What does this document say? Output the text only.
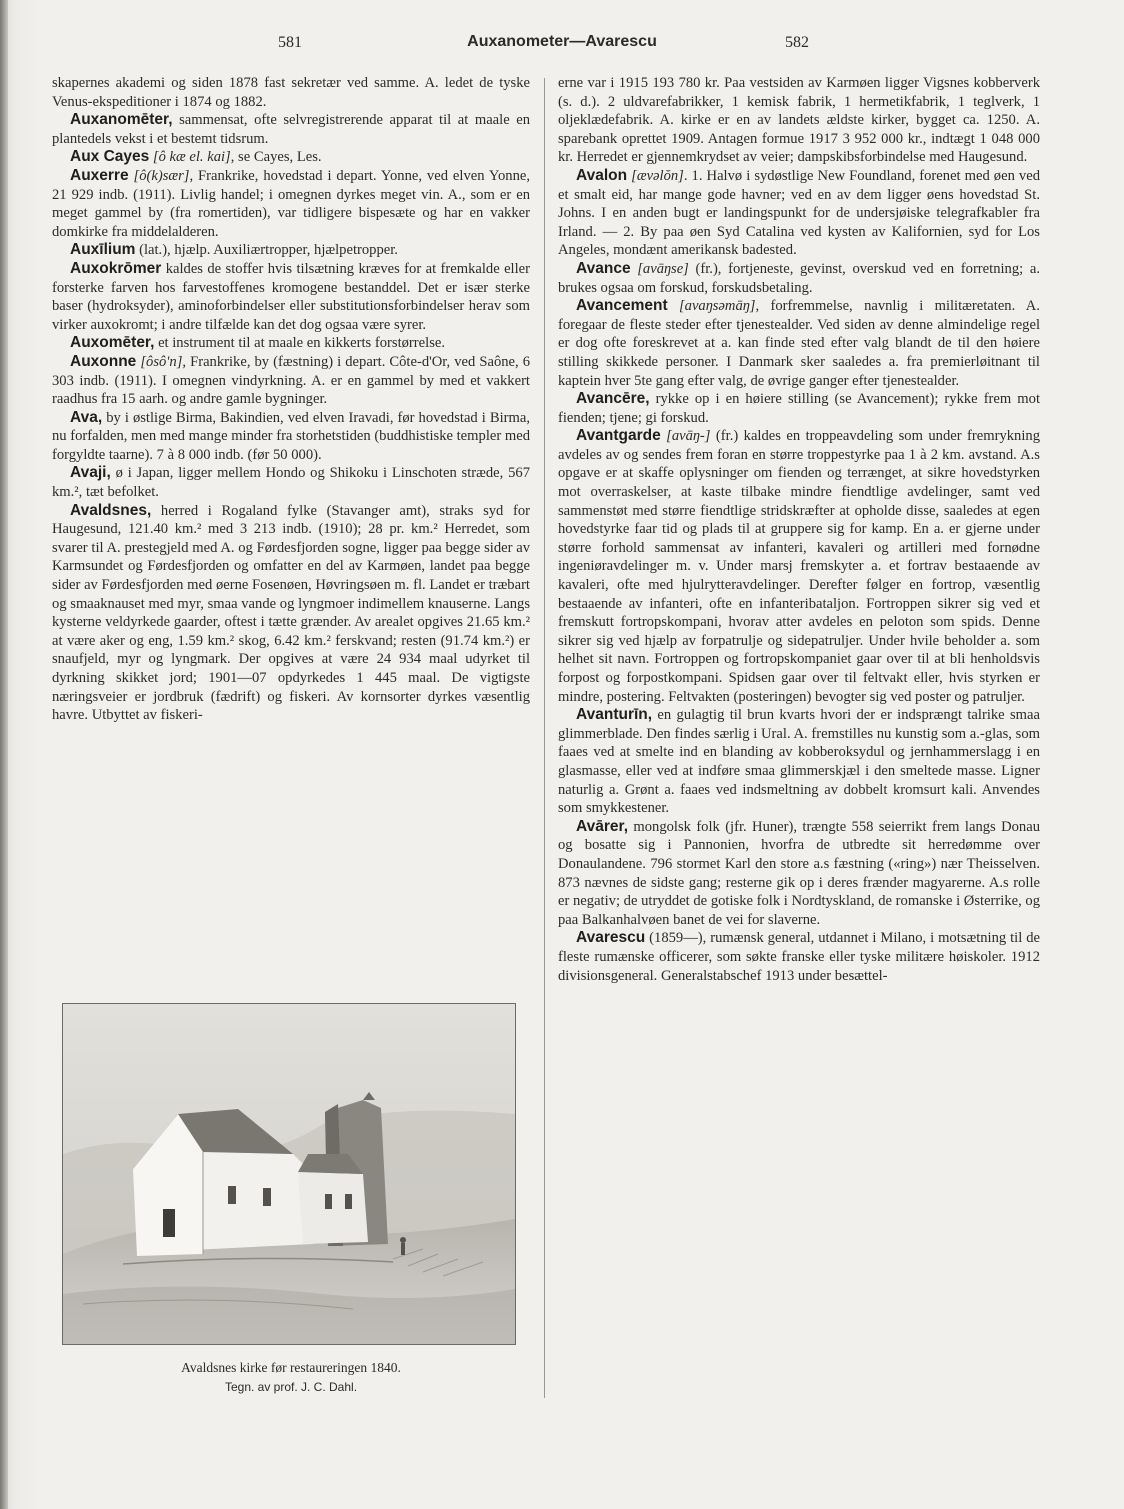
581	Auxanometer—Avarescu	582

skapernes akademi og siden 1878 fast sekretær ved samme. A. ledet de tyske Venus-ekspeditioner i 1874 og 1882.

Auxanomēter, sammensat, ofte selvregistrerende apparat til at maale en plantedels vekst i et bestemt tidsrum.

Aux Cayes [ô kæ el. kai], se Cayes, Les.

Auxerre [ô(k)sær], Frankrike, hovedstad i depart. Yonne, ved elven Yonne, 21 929 indb. (1911). Livlig handel; i omegnen dyrkes meget vin. A., som er en meget gammel by (fra romertiden), var tidligere bispesæte og har en vakker domkirke fra middelalderen.

Auxīlium (lat.), hjælp. Auxiliærtropper, hjælpetropper.

Auxokrōmer kaldes de stoffer hvis tilsætning kræves for at fremkalde eller forsterke farven hos farvestoffenes kromogene bestanddel. Det er især sterke baser (hydroksyder), aminoforbindelser eller substitutionsforbindelser herav som virker auxokromt; i andre tilfælde kan det dog ogsaa være syrer.

Auxomēter, et instrument til at maale en kikkerts forstørrelse.

Auxonne [ôsô'n], Frankrike, by (fæstning) i depart. Côte-d'Or, ved Saône, 6 303 indb. (1911). I omegnen vindyrkning. A. er en gammel by med et vakkert raadhus fra 15 aarh. og andre gamle bygninger.

Ava, by i østlige Birma, Bakindien, ved elven Iravadi, før hovedstad i Birma, nu forfalden, men med mange minder fra storhetstiden (buddhistiske templer med forgyldte taarne). 7 à 8 000 indb. (før 50 000).

Avaji, ø i Japan, ligger mellem Hondo og Shikoku i Linschoten stræde, 567 km.², tæt befolket.

Avaldsnes, herred i Rogaland fylke (Stavanger amt), straks syd for Haugesund, 121.40 km.² med 3 213 indb. (1910); 28 pr. km.² Herredet, som svarer til A. prestegjeld med A. og Førdesfjorden sogne, ligger paa begge sider av Karmsundet og Førdesfjorden og omfatter en del av Karmøen, landet paa begge sider av Førdesfjorden med øerne Fosenøen, Høvringsøen m. fl. Landet er træbart og smaaknauset med myr, smaa vande og lyngmoer indimellem knauserne. Langs kysterne veldyrkede gaarder, oftest i tætte grænder. Av arealet opgives 21.65 km.² at være aker og eng, 1.59 km.² skog, 6.42 km.² ferskvand; resten (91.74 km.²) er snaufjeld, myr og lyngmark. Der opgives at være 24 934 maal udyrket til dyrkning skikket jord; 1901—07 opdyrkedes 1 445 maal. De vigtigste næringsveier er jordbruk (fædrift) og fiskeri. Av kornsorter dyrkes væsentlig havre. Utbyttet av fiskeri-

erne var i 1915 193 780 kr. Paa vestsiden av Karmøen ligger Vigsnes kobberverk (s. d.). 2 uldvarefabrikker, 1 kemisk fabrik, 1 hermetikfabrik, 1 teglverk, 1 oljeklædefabrik. A. kirke er en av landets ældste kirker, bygget ca. 1250. A. sparebank oprettet 1909. Antagen formue 1917 3 952 000 kr., indtægt 1 048 000 kr. Herredet er gjennemkrydset av veier; dampskibsforbindelse med Haugesund.

Avalon [ævəlŏn]. 1. Halvø i sydøstlige New Foundland, forenet med øen ved et smalt eid, har mange gode havner; ved en av dem ligger øens hovedstad St. Johns. I en anden bugt er landingspunkt for de undersjøiske telegrafkabler fra Irland. — 2. By paa øen Syd Catalina ved kysten av Kalifornien, syd for Los Angeles, mondænt amerikansk badested.

Avance [avāŋse] (fr.), fortjeneste, gevinst, overskud ved en forretning; a. brukes ogsaa om forskud, forskudsbetaling.

Avancement [avaŋsəmāŋ], forfremmelse, navnlig i militæretaten. A. foregaar de fleste steder efter tjenestealder. Ved siden av denne almindelige regel er dog ofte foreskrevet at a. kan finde sted efter valg blandt de til den høiere stilling skikkede personer. I Danmark sker saaledes a. fra premierløitnant til kaptein hver 5te gang efter valg, de øvrige ganger efter tjenestealder.

Avancēre, rykke op i en høiere stilling (se Avancement); rykke frem mot fienden; tjene; gi forskud.

Avantgarde [avāŋ-] (fr.) kaldes en troppeavdeling som under fremrykning avdeles av og sendes frem foran en større troppestyrke paa 1 à 2 km. avstand. A.s opgave er at skaffe oplysninger om fienden og terrænget, at sikre hovedstyrken mot overraskelser, at kaste tilbake mindre fiendtlige avdelinger, samt ved sammenstøt med større fiendtlige stridskræfter at opholde disse, saaledes at egen hovedstyrke faar tid og plads til at gruppere sig for kamp. En a. er gjerne under større forhold sammensat av infanteri, kavaleri og artilleri med fornødne ingeniøravdelinger m. v. Under marsj fremskyter a. et fortrav bestaaende av kavaleri, ofte med hjulrytteravdelinger. Derefter følger en fortrop, væsentlig bestaaende av infanteri, ofte en infanteribataljon. Fortroppen sikrer sig ved et fremskutt fortropskompani, hvorav atter avdeles en peloton som spids. Denne sikrer sig ved hjælp av forpatrulje og sidepatruljer. Under hvile beholder a. som helhet sit navn. Fortroppen og fortropskompaniet gaar over til at bli henholdsvis forpost og forpostkompani. Spidsen gaar over til feltvakt eller, hvis styrken er mindre, postering. Feltvakten (posteringen) bevogter sig ved poster og patruljer.

Avanturīn, en gulagtig til brun kvarts hvori der er indsprængt talrike smaa glimmerblade. Den findes særlig i Ural. A. fremstilles nu kunstig som a.-glas, som faaes ved at smelte ind en blanding av kobberoksydul og jernhammerslagg i en glasmasse, eller ved at indføre smaa glimmerskjæl i den smeltede masse. Ligner naturlig a. Grønt a. faaes ved indsmeltning av dobbelt kromsurt kali. Anvendes som smykkestener.

Avārer, mongolsk folk (jfr. Huner), trængte 558 seierrikt frem langs Donau og bosatte sig i Pannonien, hvorfra de utbredte sit herredømme over Donaulandene. 796 stormet Karl den store a.s fæstning («ring») nær Theisselven. 873 nævnes de sidste gang; resterne gik op i deres frænder magyarerne. A.s rolle er negativ; de utryddet de gotiske folk i Nordtyskland, de romanske i Østerrike, og paa Balkanhalvøen banet de vei for slaverne.

Avarescu (1859—), rumænsk general, utdannet i Milano, i motsætning til de fleste rumænske officerer, som søkte franske eller tyske militære høiskoler. 1912 divisionsgeneral. Generalstabschef 1913 under besættel-

Avaldsnes kirke før restaureringen 1840.
Tegn. av prof. J. C. Dahl.
